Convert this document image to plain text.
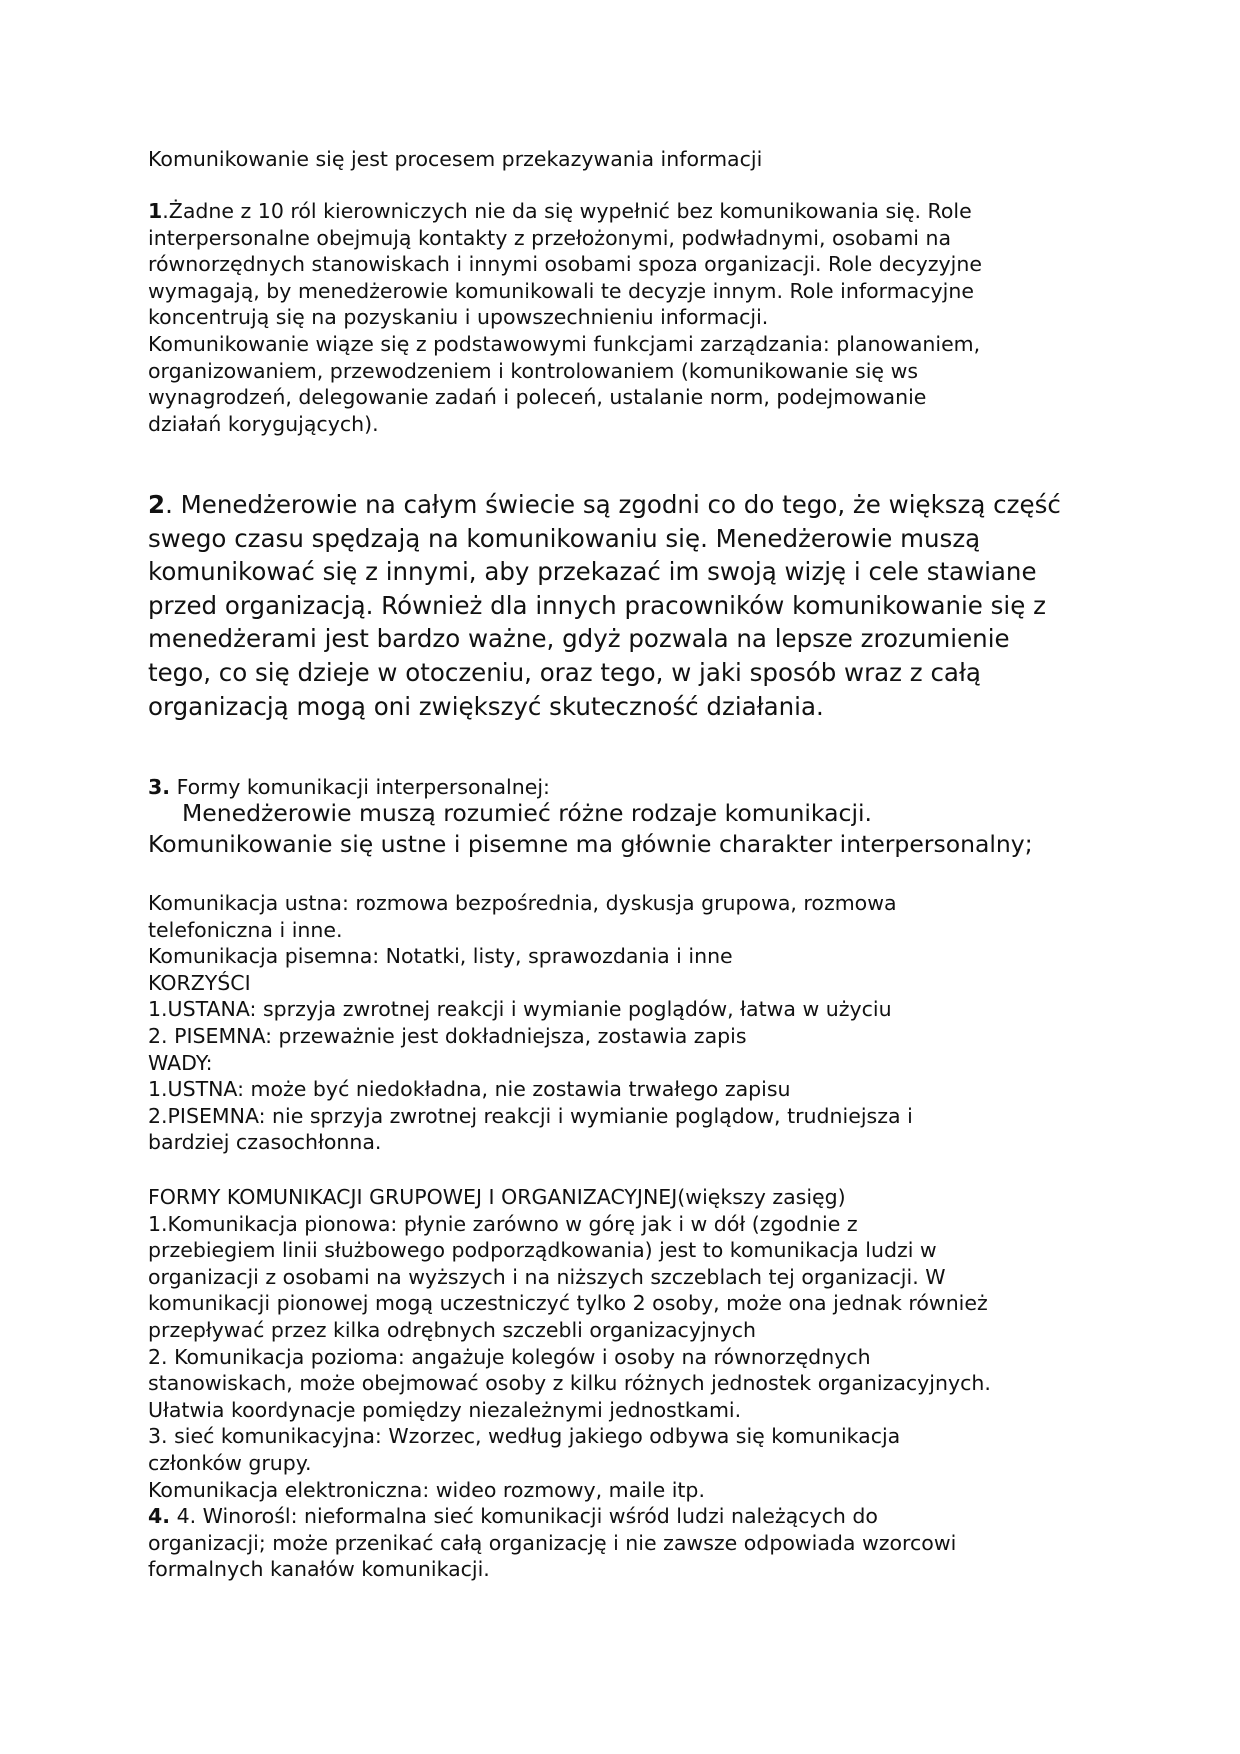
Komunikowanie się jest procesem przekazywania informacji
1.Żadne z 10 ról kierowniczych nie da się wypełnić bez komunikowania się. Role
interpersonalne obejmują kontakty z przełożonymi, podwładnymi, osobami na
równorzędnych stanowiskach i innymi osobami spoza organizacji. Role decyzyjne
wymagają, by menedżerowie komunikowali te decyzje innym. Role informacyjne
koncentrują się na pozyskaniu i upowszechnieniu informacji.
Komunikowanie wiąze się z podstawowymi funkcjami zarządzania: planowaniem,
organizowaniem, przewodzeniem i kontrolowaniem (komunikowanie się ws
wynagrodzeń, delegowanie zadań i poleceń, ustalanie norm, podejmowanie
działań korygujących).
2. Menedżerowie na całym świecie są zgodni co do tego, że większą część
swego czasu spędzają na komunikowaniu się. Menedżerowie muszą
komunikować się z innymi, aby przekazać im swoją wizję i cele stawiane
przed organizacją. Również dla innych pracowników komunikowanie się z
menedżerami jest bardzo ważne, gdyż pozwala na lepsze zrozumienie
tego, co się dzieje w otoczeniu, oraz tego, w jaki sposób wraz z całą
organizacją mogą oni zwiększyć skuteczność działania.
3. Formy komunikacji interpersonalnej:
Menedżerowie muszą rozumieć różne rodzaje komunikacji.
Komunikowanie się ustne i pisemne ma głównie charakter interpersonalny;
Komunikacja ustna: rozmowa bezpośrednia, dyskusja grupowa, rozmowa
telefoniczna i inne.
Komunikacja pisemna: Notatki, listy, sprawozdania i inne
KORZYŚCI
1.USTANA: sprzyja zwrotnej reakcji i wymianie poglądów, łatwa w użyciu
2. PISEMNA: przeważnie jest dokładniejsza, zostawia zapis
WADY:
1.USTNA: może być niedokładna, nie zostawia trwałego zapisu
2.PISEMNA: nie sprzyja zwrotnej reakcji i wymianie poglądow, trudniejsza i
bardziej czasochłonna.
FORMY KOMUNIKACJI GRUPOWEJ I ORGANIZACYJNEJ(większy zasięg)
1.Komunikacja pionowa: płynie zarówno w górę jak i w dół (zgodnie z
przebiegiem linii służbowego podporządkowania) jest to komunikacja ludzi w
organizacji z osobami na wyższych i na niższych szczeblach tej organizacji. W
komunikacji pionowej mogą uczestniczyć tylko 2 osoby, może ona jednak również
przepływać przez kilka odrębnych szczebli organizacyjnych
2. Komunikacja pozioma: angażuje kolegów i osoby na równorzędnych
stanowiskach, może obejmować osoby z kilku różnych jednostek organizacyjnych.
Ułatwia koordynacje pomiędzy niezależnymi jednostkami.
3. sieć komunikacyjna: Wzorzec, według jakiego odbywa się komunikacja
członków grupy.
Komunikacja elektroniczna: wideo rozmowy, maile itp.
4. 4. Winorośl: nieformalna sieć komunikacji wśród ludzi należących do
organizacji; może przenikać całą organizację i nie zawsze odpowiada wzorcowi
formalnych kanałów komunikacji.
